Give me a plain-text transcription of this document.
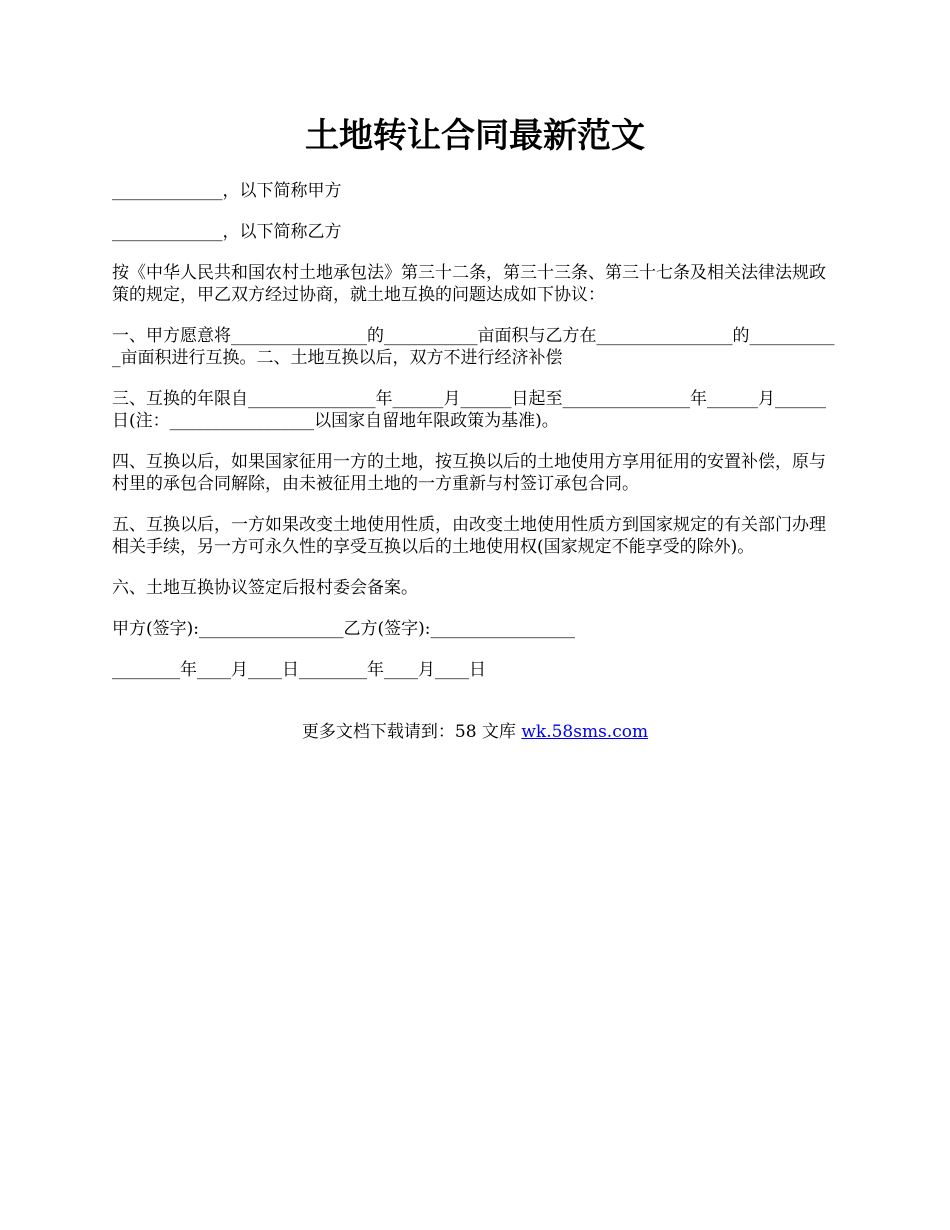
土地转让合同最新范文

_____________，以下简称甲方

_____________，以下简称乙方

按《中华人民共和国农村土地承包法》第三十二条，第三十三条、第三十七条及相关法律法规政策的规定，甲乙双方经过协商，就土地互换的问题达成如下协议：

一、甲方愿意将________________的___________亩面积与乙方在________________的___________亩面积进行互换。二、土地互换以后，双方不进行经济补偿

三、互换的年限自_______________年______月______日起至_______________年______月______日(注：_________________以国家自留地年限政策为基准)。

四、互换以后，如果国家征用一方的土地，按互换以后的土地使用方享用征用的安置补偿，原与村里的承包合同解除，由未被征用土地的一方重新与村签订承包合同。

五、互换以后，一方如果改变土地使用性质，由改变土地使用性质方到国家规定的有关部门办理相关手续，另一方可永久性的享受互换以后的土地使用权(国家规定不能享受的除外)。

六、土地互换协议签定后报村委会备案。

甲方(签字):_________________乙方(签字):_________________

________年____月____日________年____月____日

更多文档下载请到：58 文库 wk.58sms.com
